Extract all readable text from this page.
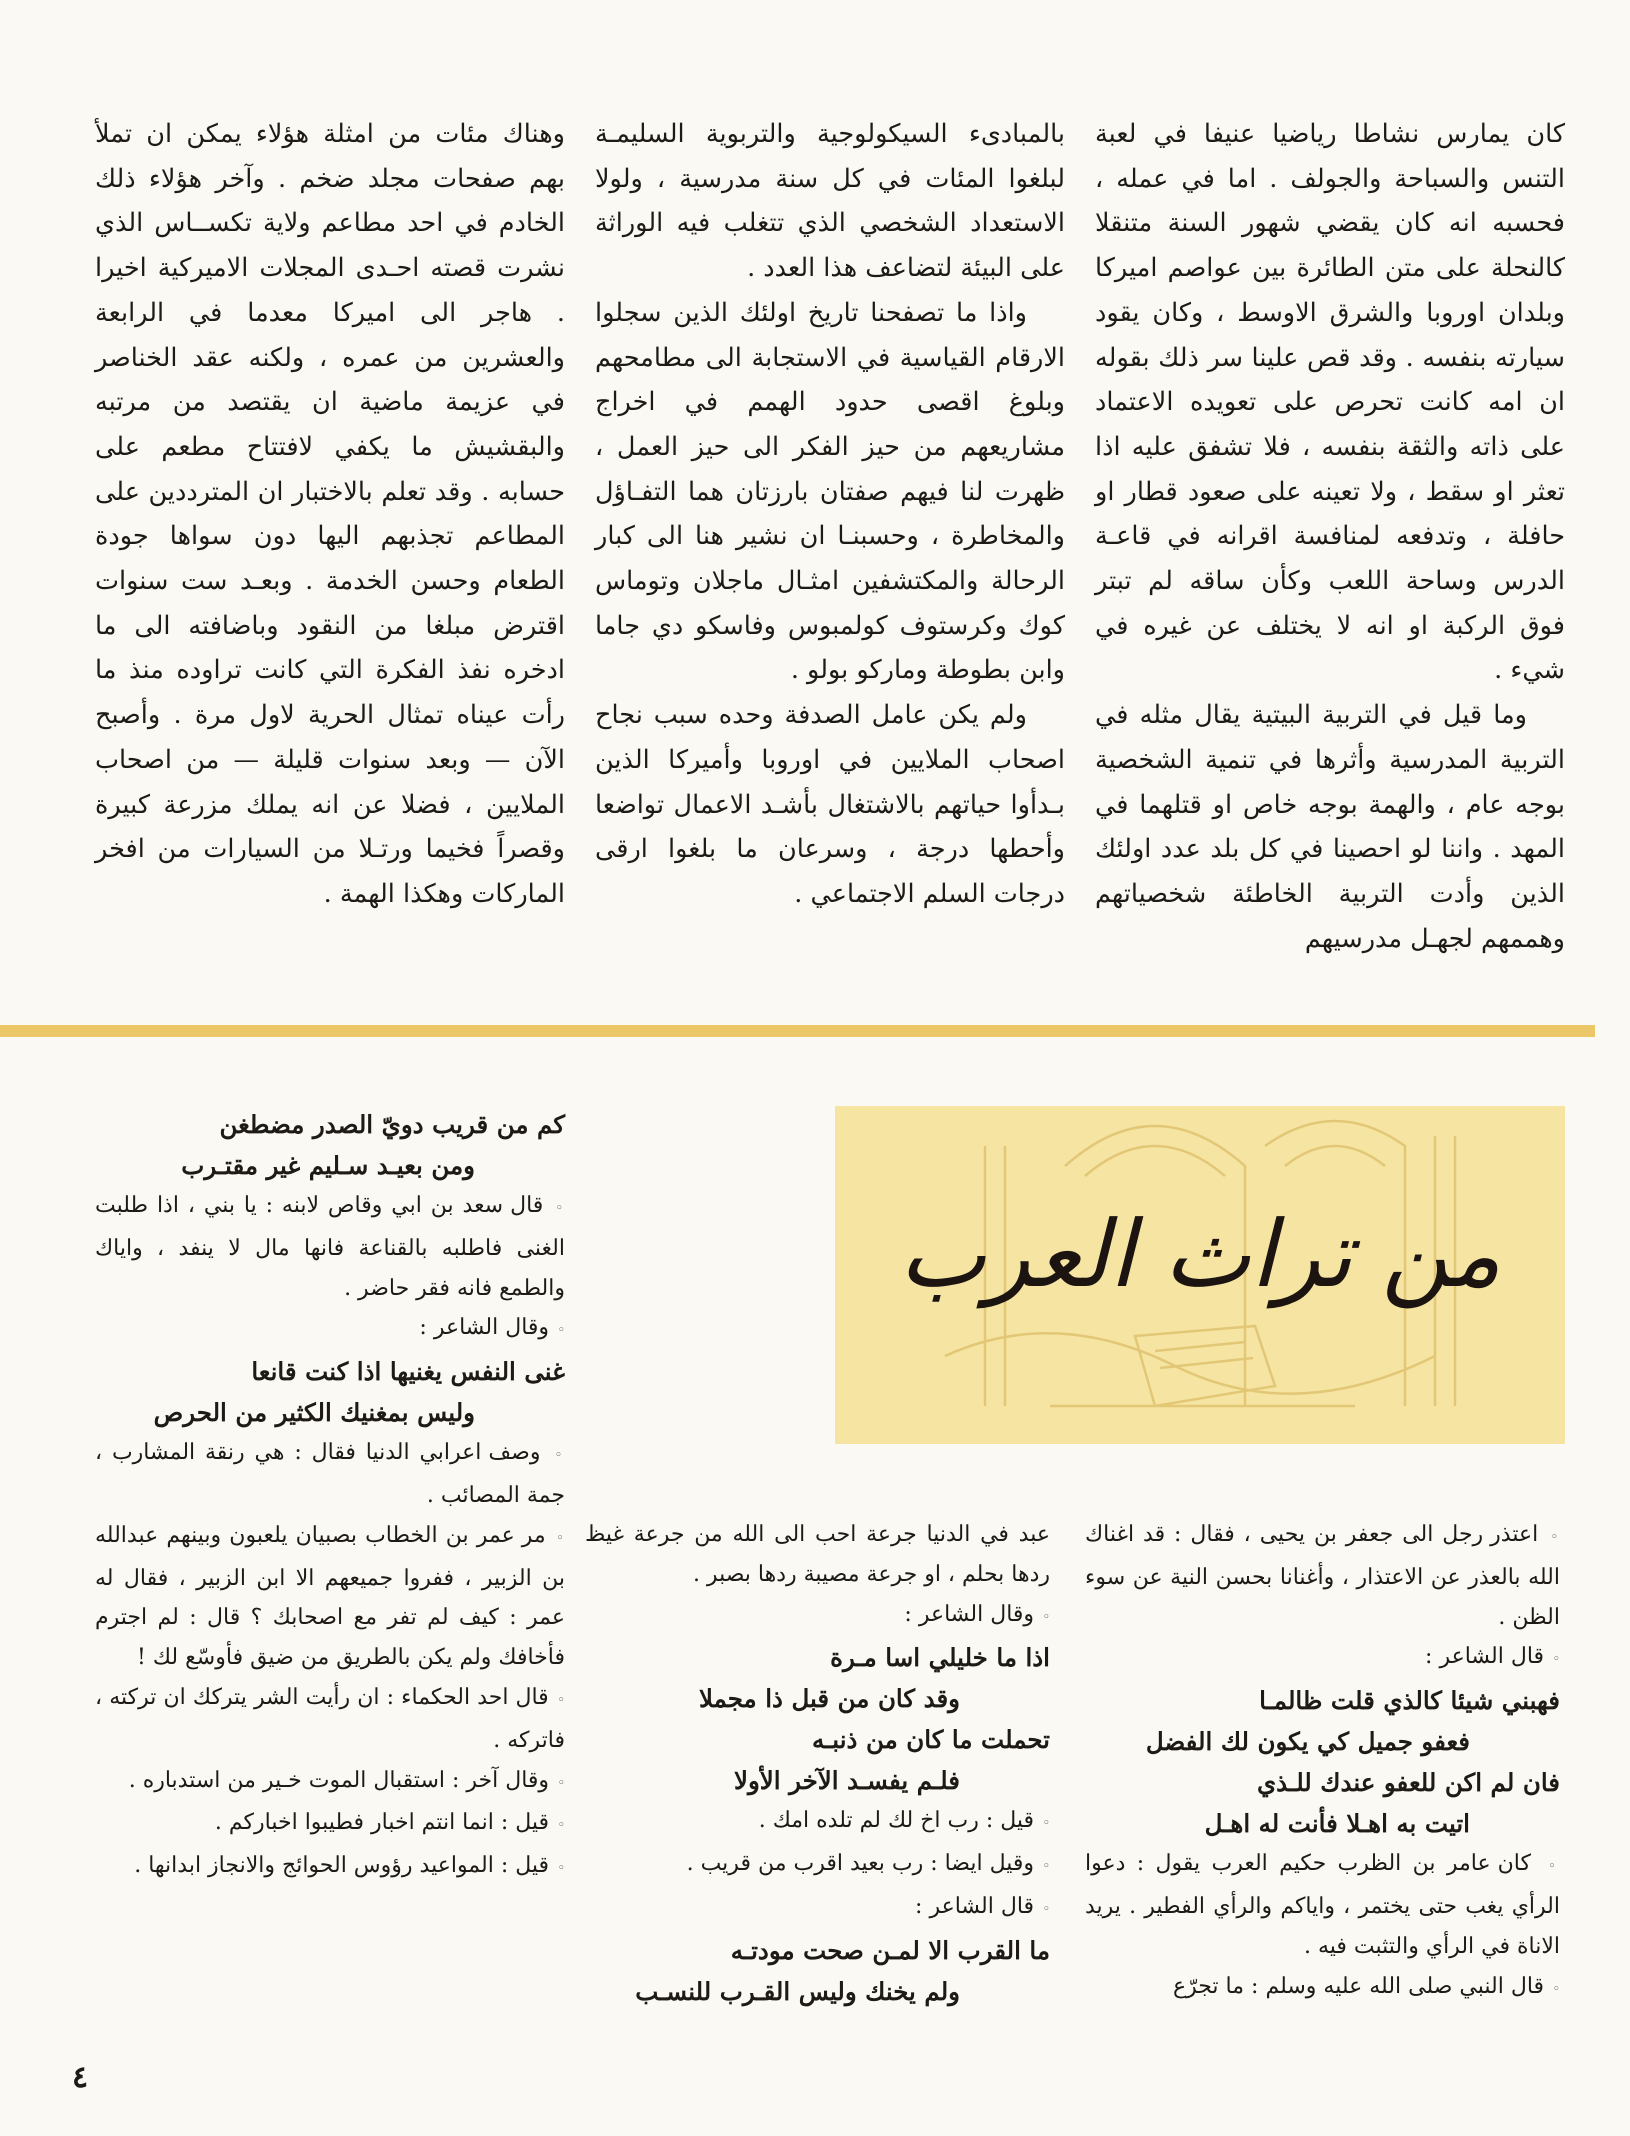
كان يمارس نشاطا رياضيا عنيفا في لعبة التنس والسباحة والجولف . اما في عمله ، فحسبه انه كان يقضي شهور السنة متنقلا كالنحلة على متن الطائرة بين عواصم اميركا وبلدان اوروبا والشرق الاوسط ، وكان يقود سيارته بنفسه . وقد قص علينا سر ذلك بقوله ان امه كانت تحرص على تعويده الاعتماد على ذاته والثقة بنفسه ، فلا تشفق عليه اذا تعثر او سقط ، ولا تعينه على صعود قطار او حافلة ، وتدفعه لمنافسة اقرانه في قاعـة الدرس وساحة اللعب وكأن ساقه لم تبتر فوق الركبة او انه لا يختلف عن غيره في شيء .

وما قيل في التربية البيتية يقال مثله في التربية المدرسية وأثرها في تنمية الشخصية بوجه عام ، والهمة بوجه خاص او قتلهما في المهد . واننا لو احصينا في كل بلد عدد اولئك الذين وأدت التربية الخاطئة شخصياتهم وهممهم لجهـل مدرسيهم

بالمبادىء السيكولوجية والتربوية السليمـة لبلغوا المئات في كل سنة مدرسية ، ولولا الاستعداد الشخصي الذي تتغلب فيه الوراثة على البيئة لتضاعف هذا العدد .

واذا ما تصفحنا تاريخ اولئك الذين سجلوا الارقام القياسية في الاستجابة الى مطامحهم وبلوغ اقصى حدود الهمم في اخراج مشاريعهم من حيز الفكر الى حيز العمل ، ظهرت لنا فيهم صفتان بارزتان هما التفـاؤل والمخاطرة ، وحسبنـا ان نشير هنا الى كبار الرحالة والمكتشفين امثـال ماجلان وتوماس كوك وكرستوف كولمبوس وفاسكو دي جاما وابن بطوطة وماركو بولو .

ولم يكن عامل الصدفة وحده سبب نجاح اصحاب الملايين في اوروبا وأميركا الذين بـدأوا حياتهم بالاشتغال بأشـد الاعمال تواضعا وأحطها درجة ، وسرعان ما بلغوا ارقى درجات السلم الاجتماعي .

وهناك مئات من امثلة هؤلاء يمكن ان تملأ بهم صفحات مجلد ضخم . وآخر هؤلاء ذلك الخادم في احد مطاعم ولاية تكســاس الذي نشرت قصته احـدى المجلات الاميركية اخيرا . هاجر الى اميركا معدما في الرابعة والعشرين من عمره ، ولكنه عقد الخناصر في عزيمة ماضية ان يقتصد من مرتبه والبقشيش ما يكفي لافتتاح مطعم على حسابه . وقد تعلم بالاختبار ان المترددين على المطاعم تجذبهم اليها دون سواها جودة الطعام وحسن الخدمة . وبعـد ست سنوات اقترض مبلغا من النقود وباضافته الى ما ادخره نفذ الفكرة التي كانت تراوده منذ ما رأت عيناه تمثال الحرية لاول مرة . وأصبح الآن — وبعد سنوات قليلة — من اصحاب الملايين ، فضلا عن انه يملك مزرعة كبيرة وقصراً فخيما ورتـلا من السيارات من افخر الماركات وهكذا الهمة .

من تراث العرب

كم من قريب دويّ الصدر مضطغن

ومن بعيـد سـليم غير مقتـرب

◦  قال سعد بن ابي وقاص لابنه : يا بني ، اذا طلبت الغنى فاطلبه بالقناعة فانها مال لا ينفد ، واياك والطمع فانه فقر حاضر .

◦  وقال الشاعر :

غنى النفس يغنيها اذا كنت قانعا

وليس بمغنيك الكثير من الحرص

◦  وصف اعرابي الدنيا فقال : هي رنقة المشارب ، جمة المصائب .

◦  مر عمر بن الخطاب بصبيان يلعبون وبينهم عبدالله بن الزبير ، ففروا جميعهم الا ابن الزبير ، فقال له عمر : كيف لم تفر مع اصحابك ؟ قال : لم اجترم فأخافك ولم يكن بالطريق من ضيق فأوسّع لك !

◦  قال احد الحكماء : ان رأيت الشر يتركك ان تركته ، فاتركه .

◦  وقال آخر : استقبال الموت خـير من استدباره .

◦  قيل : انما انتم اخبار فطيبوا اخباركم .

◦  قيل : المواعيد رؤوس الحوائج والانجاز ابدانها .

عبد في الدنيا جرعة احب الى الله من جرعة غيظ ردها بحلم ، او جرعة مصيبة ردها بصبر .

◦  وقال الشاعر :

اذا ما خليلي اسا مـرة

وقد كان من قبل ذا مجملا

تحملت ما كان من ذنبـه

فلـم يفسـد الآخر الأولا

◦  قيل : رب اخ لك لم تلده امك .

◦  وقيل ايضا : رب بعيد اقرب من قريب .

◦  قال الشاعر :

ما القرب الا لمـن صحت مودتـه

ولم يخنك وليس القـرب للنسـب

◦  اعتذر رجل الى جعفر بن يحيى ، فقال : قد اغناك الله بالعذر عن الاعتذار ، وأغنانا بحسن النية عن سوء الظن .

◦  قال الشاعر :

فهبني شيئا كالذي قلت ظالمـا

فعفو جميل كي يكون لك الفضل

فان لم اكن للعفو عندك للـذي

اتيت به اهـلا فأنت له اهـل

◦  كان عامر بن الظرب حكيم العرب يقول : دعوا الرأي يغب حتى يختمر ، واياكم والرأي الفطير . يريد الاناة في الرأي والتثبت فيه .

◦  قال النبي صلى الله عليه وسلم : ما تجرّع

٤
